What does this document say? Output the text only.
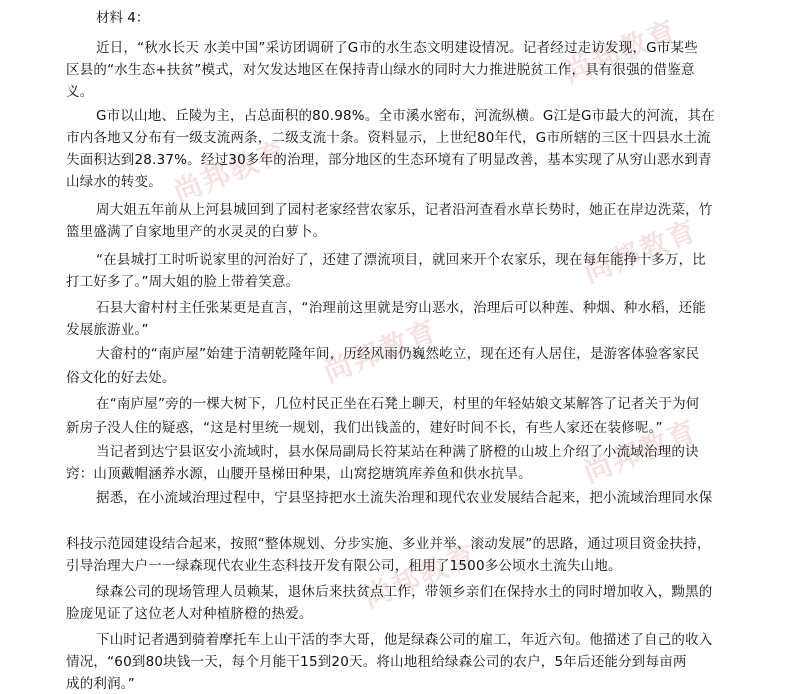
尚邦教育
尚邦教育
尚邦教育
尚邦教育
尚邦教育
尚邦教育
材料 4：
近日，“秋水长天 水美中国”采访团调研了G市的水生态文明建设情况。记者经过走访发现，G市某些
区县的“水生态+扶贫”模式，对欠发达地区在保持青山绿水的同时大力推进脱贫工作，具有很强的借鉴意
义。
G市以山地、丘陵为主，占总面积的80.98%。全市溪水密布，河流纵横。G江是G市最大的河流，其在
市内各地又分布有一级支流两条，二级支流十条。资料显示，上世纪80年代，G市所辖的三区十四县水土流
失面积达到28.37%。经过30多年的治理，部分地区的生态环境有了明显改善，基本实现了从穷山恶水到青
山绿水的转变。
周大姐五年前从上河县城回到了园村老家经营农家乐，记者沿河查看水草长势时，她正在岸边洗菜，竹
篮里盛满了自家地里产的水灵灵的白萝卜。
“在县城打工时听说家里的河治好了，还建了漂流项目，就回来开个农家乐，现在每年能挣十多万，比
打工好多了。”周大姐的脸上带着笑意。
石县大畲村村主任张某更是直言，“治理前这里就是穷山恶水，治理后可以种莲、种烟、种水稻，还能
发展旅游业。”
大畲村的“南庐屋”始建于清朝乾隆年间，历经风雨仍巍然屹立，现在还有人居住，是游客体验客家民
俗文化的好去处。
在“南庐屋”旁的一棵大树下，几位村民正坐在石凳上聊天，村里的年轻姑娘文某解答了记者关于为何
新房子没人住的疑惑，“这是村里统一规划，我们出钱盖的，建好时间不长，有些人家还在装修呢。”
当记者到达宁县讴安小流域时，县水保局副局长符某站在种满了脐橙的山坡上介绍了小流域治理的诀
窍：山顶戴帽涵养水源，山腰开垦梯田种果，山窝挖塘筑库养鱼和供水抗旱。
据悉，在小流域治理过程中，宁县坚持把水土流失治理和现代农业发展结合起来，把小流域治理同水保
科技示范园建设结合起来，按照“整体规划、分步实施、多业并举、滚动发展”的思路，通过项目资金扶持，
引导治理大户一一绿森现代农业生态科技开发有限公司，租用了1500多公顷水土流失山地。
绿森公司的现场管理人员赖某，退休后来扶贫点工作，带领乡亲们在保持水土的同时增加收入，黝黑的
脸庞见证了这位老人对种植脐橙的热爱。
下山时记者遇到骑着摩托车上山干活的李大哥，他是绿森公司的雇工，年近六旬。他描述了自己的收入
情况，“60到80块钱一天，每个月能干15到20天。将山地租给绿森公司的农户，5年后还能分到每亩两
成的利润。”
